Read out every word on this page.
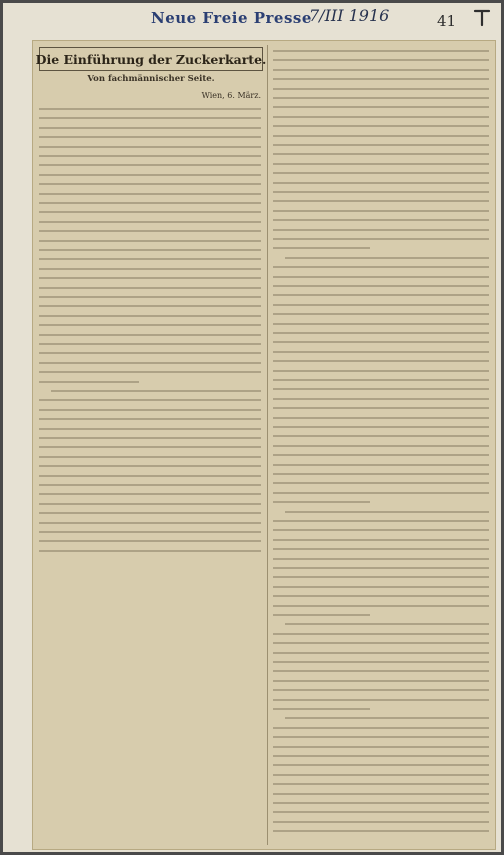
Neue Freie Presse
7/III 1916	41
Die Einführung der Zuckerkarte.
Von fachmännischer Seite.
Wien, 6. März.
